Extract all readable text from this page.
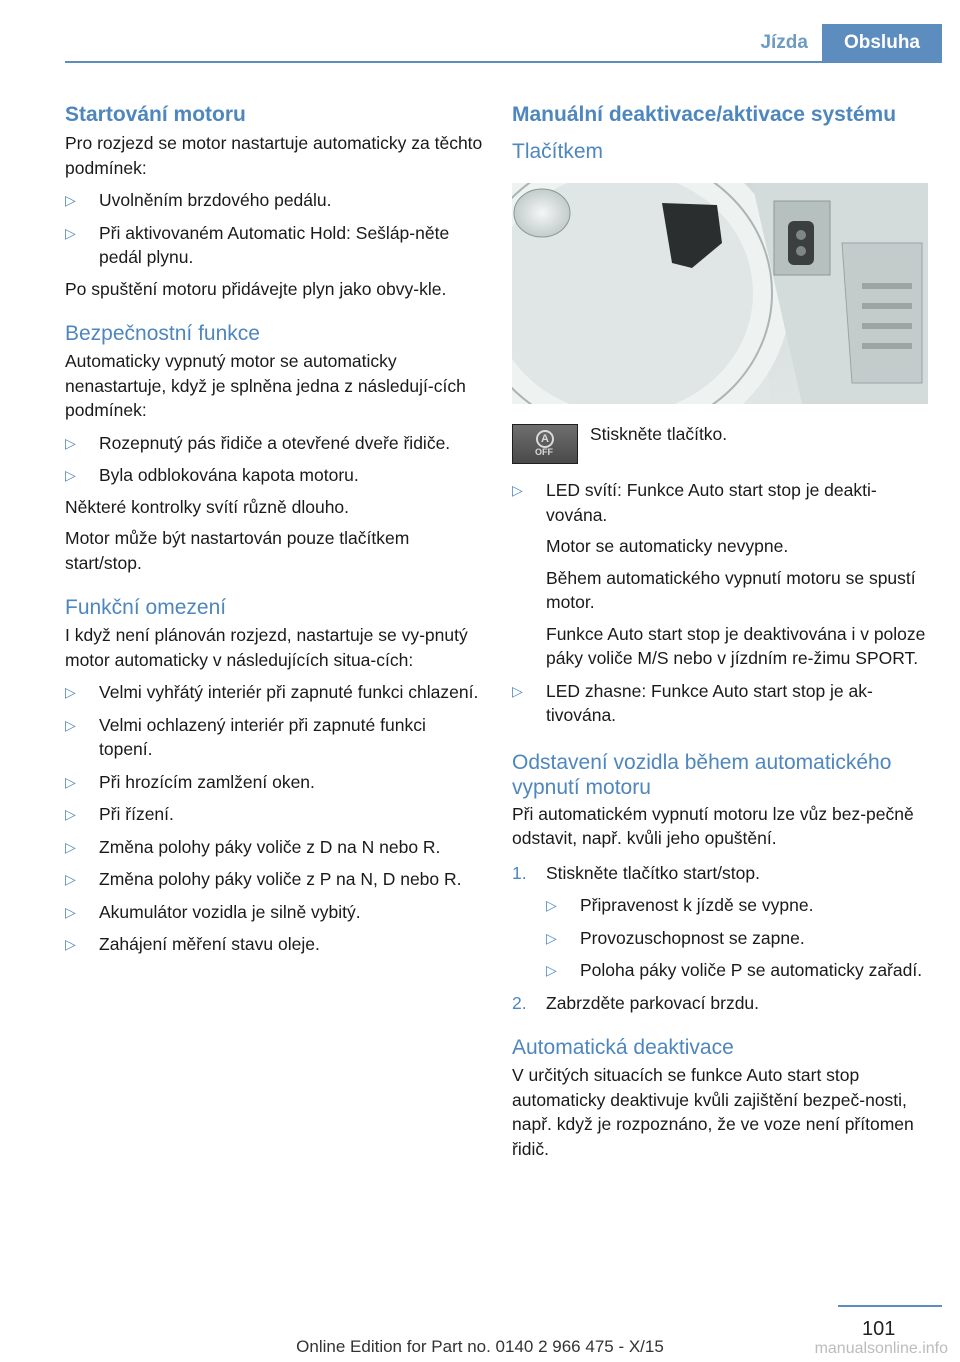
Jízda	Obsluha
Startování motoru

Pro rozjezd se motor nastartuje automaticky za těchto podmínek:

▷ Uvolněním brzdového pedálu.
▷ Při aktivovaném Automatic Hold: Sešláp‐něte pedál plynu.

Po spuštění motoru přidávejte plyn jako obvy‐kle.

Bezpečnostní funkce

Automaticky vypnutý motor se automaticky nenastartuje, když je splněna jedna z následují‐cích podmínek:

▷ Rozepnutý pás řidiče a otevřené dveře řidiče.
▷ Byla odblokována kapota motoru.

Některé kontrolky svítí různě dlouho.

Motor může být nastartován pouze tlačítkem start/stop.

Funkční omezení

I když není plánován rozjezd, nastartuje se vy‐pnutý motor automaticky v následujících situa‐cích:

▷ Velmi vyhřátý interiér při zapnuté funkci chlazení.
▷ Velmi ochlazený interiér při zapnuté funkci topení.
▷ Při hrozícím zamlžení oken.
▷ Při řízení.
▷ Změna polohy páky voliče z D na N nebo R.
▷ Změna polohy páky voliče z P na N, D nebo R.
▷ Akumulátor vozidla je silně vybitý.
▷ Zahájení měření stavu oleje.
Manuální deaktivace/aktivace systému
Tlačítkem
A
OFF

Stiskněte tlačítko.

▷ LED svítí: Funkce Auto start stop je deakti‐vována.

Motor se automaticky nevypne.

Během automatického vypnutí motoru se spustí motor.

Funkce Auto start stop je deaktivována i v poloze páky voliče M/S nebo v jízdním re‐žimu SPORT.

▷ LED zhasne: Funkce Auto start stop je ak‐tivována.
Odstavení vozidla během automatického vypnutí motoru

Při automatickém vypnutí motoru lze vůz bez‐pečně odstavit, např. kvůli jeho opuštění.

1. Stiskněte tlačítko start/stop.
▷ Připravenost k jízdě se vypne.
▷ Provozuschopnost se zapne.
▷ Poloha páky voliče P se automaticky zařadí.
2. Zabrzděte parkovací brzdu.
Automatická deaktivace

V určitých situacích se funkce Auto start stop automaticky deaktivuje kvůli zajištění bezpeč‐nosti, např. když je rozpoznáno, že ve voze není přítomen řidič.

101
Online Edition for Part no. 0140 2 966 475 - X/15	manualsonline.info
